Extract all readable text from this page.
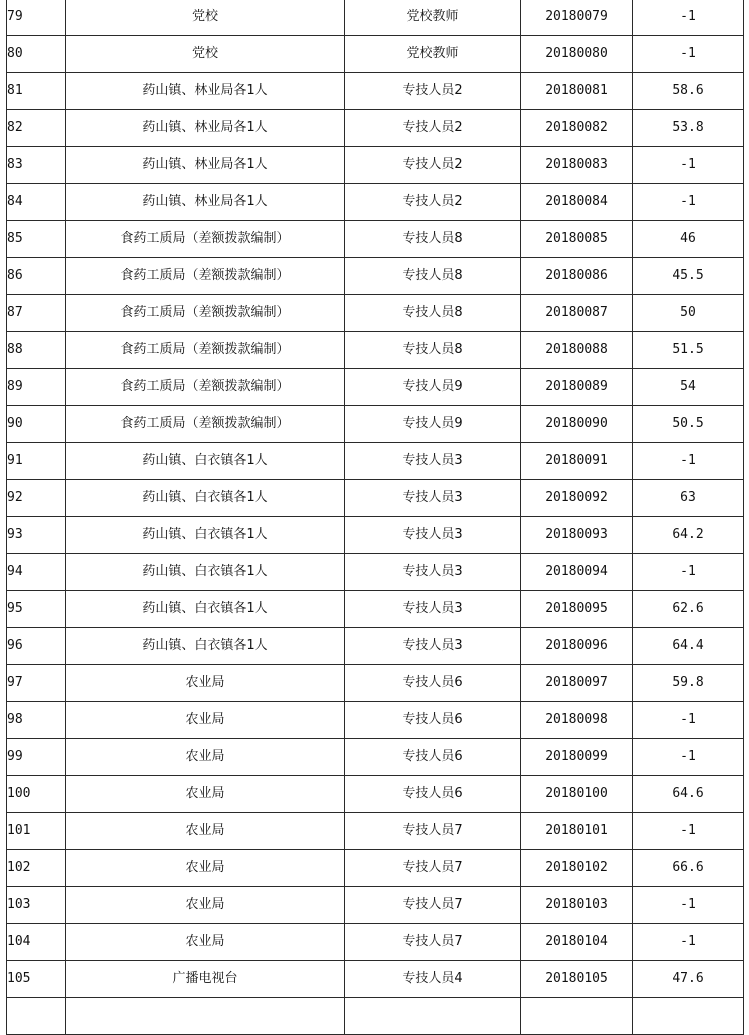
79	党校	党校教师	20180079	-1
80	党校	党校教师	20180080	-1
81	药山镇、林业局各1人	专技人员2	20180081	58.6
82	药山镇、林业局各1人	专技人员2	20180082	53.8
83	药山镇、林业局各1人	专技人员2	20180083	-1
84	药山镇、林业局各1人	专技人员2	20180084	-1
85	食药工质局（差额拨款编制）	专技人员8	20180085	46
86	食药工质局（差额拨款编制）	专技人员8	20180086	45.5
87	食药工质局（差额拨款编制）	专技人员8	20180087	50
88	食药工质局（差额拨款编制）	专技人员8	20180088	51.5
89	食药工质局（差额拨款编制）	专技人员9	20180089	54
90	食药工质局（差额拨款编制）	专技人员9	20180090	50.5
91	药山镇、白衣镇各1人	专技人员3	20180091	-1
92	药山镇、白衣镇各1人	专技人员3	20180092	63
93	药山镇、白衣镇各1人	专技人员3	20180093	64.2
94	药山镇、白衣镇各1人	专技人员3	20180094	-1
95	药山镇、白衣镇各1人	专技人员3	20180095	62.6
96	药山镇、白衣镇各1人	专技人员3	20180096	64.4
97	农业局	专技人员6	20180097	59.8
98	农业局	专技人员6	20180098	-1
99	农业局	专技人员6	20180099	-1
100	农业局	专技人员6	20180100	64.6
101	农业局	专技人员7	20180101	-1
102	农业局	专技人员7	20180102	66.6
103	农业局	专技人员7	20180103	-1
104	农业局	专技人员7	20180104	-1
105	广播电视台	专技人员4	20180105	47.6
